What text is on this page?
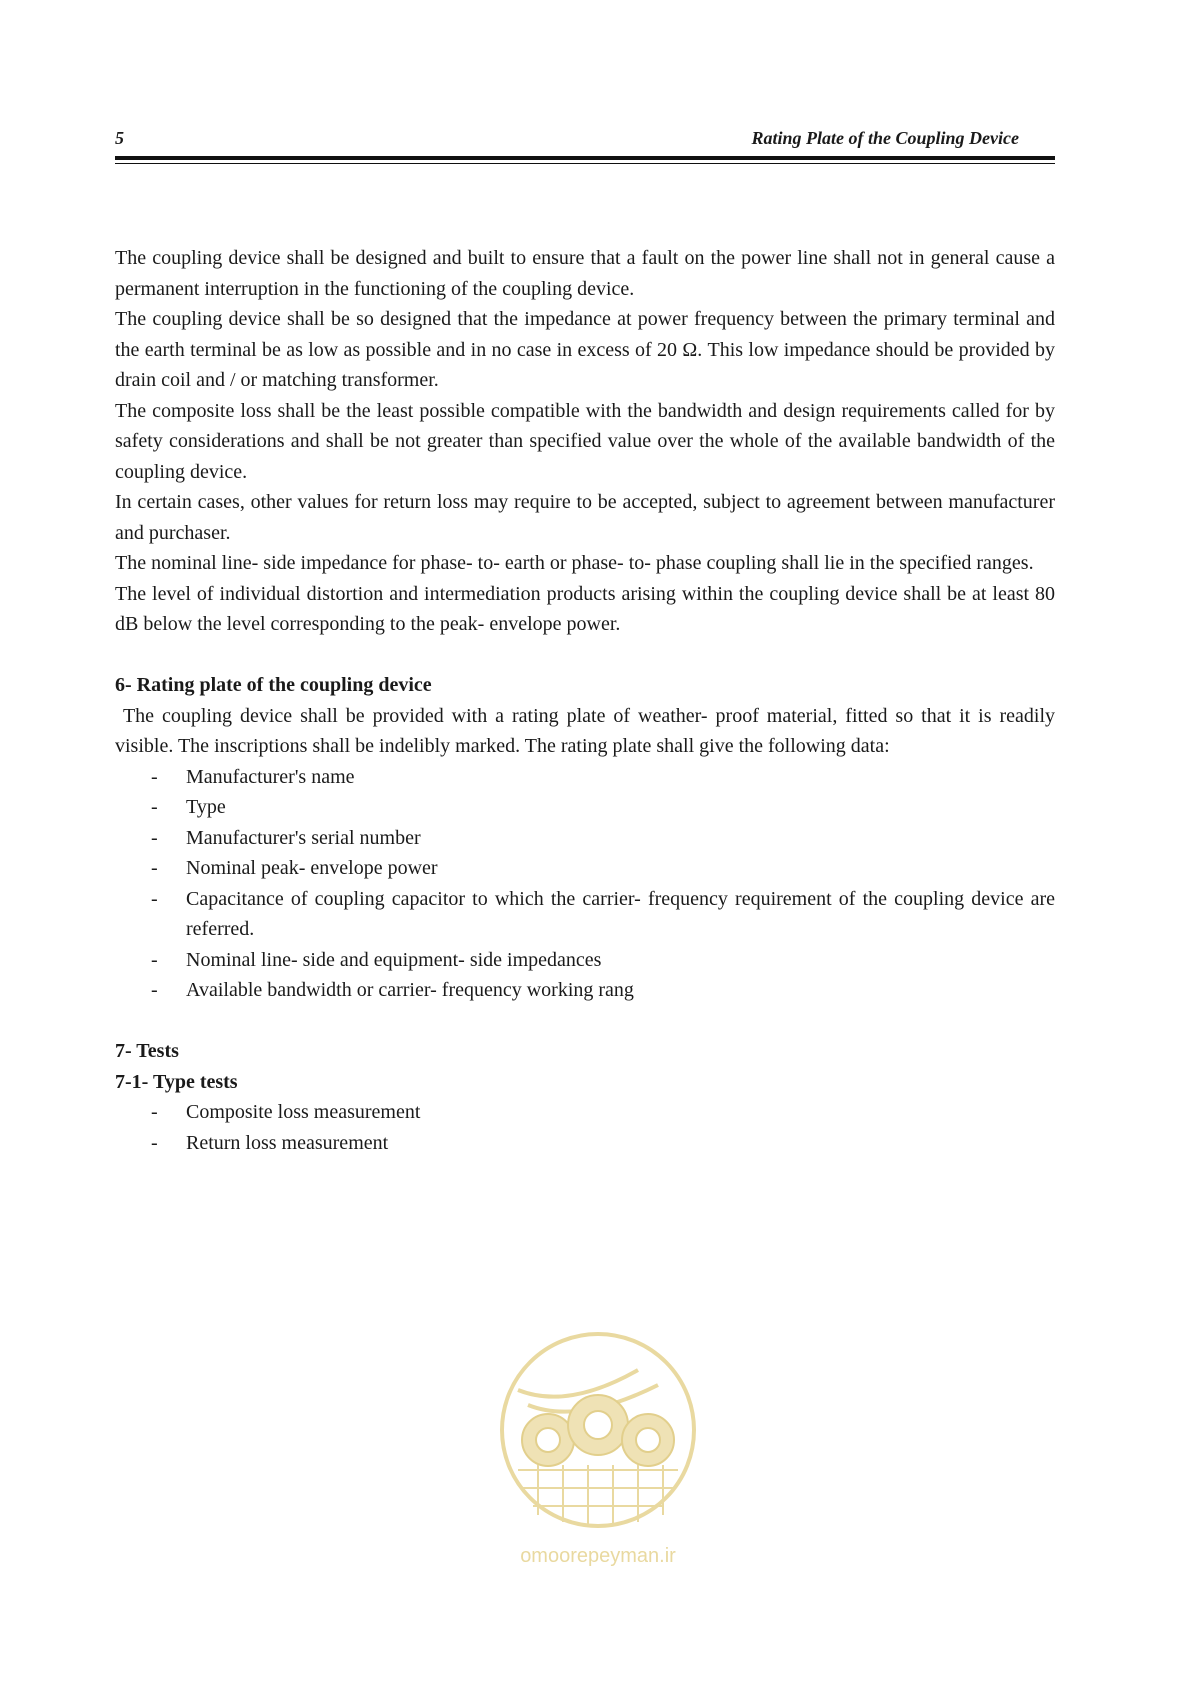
5	Rating Plate of the Coupling Device

The coupling device shall be designed and built to ensure that a fault on the power line shall not in general cause a permanent interruption in the functioning of the coupling device.

The coupling device shall be so designed that the impedance at power frequency between the primary terminal and the earth terminal be as low as possible and in no case in excess of 20 Ω. This low impedance should be provided by drain coil and / or matching transformer.

The composite loss shall be the least possible compatible with the bandwidth and design requirements called for by safety considerations and shall be not greater than specified value over the whole of the available bandwidth of the coupling device.

In certain cases, other values for return loss may require to be accepted, subject to agreement between manufacturer and purchaser.

The nominal line- side impedance for phase- to- earth or phase- to- phase coupling shall lie in the specified ranges.

The level of individual distortion and intermediation products arising within the coupling device shall be at least 80 dB below the level corresponding to the peak- envelope power.

6- Rating plate of the coupling device

The coupling device shall be provided with a rating plate of weather- proof material, fitted so that it is readily visible. The inscriptions shall be indelibly marked. The rating plate shall give the following data:

- Manufacturer's name
- Type
- Manufacturer's serial number
- Nominal peak- envelope power
- Capacitance of coupling capacitor to which the carrier- frequency requirement of the coupling device are referred.
- Nominal line- side and equipment- side impedances
- Available bandwidth or carrier- frequency working rang

7- Tests

7-1- Type tests

- Composite loss measurement
- Return loss measurement
omoorepeyman.ir
